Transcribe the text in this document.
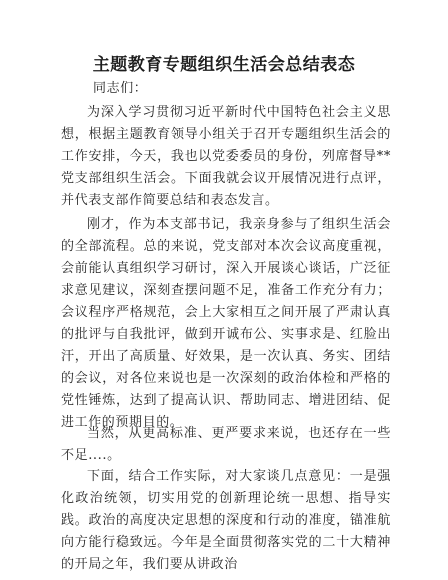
主题教育专题组织生活会总结表态

同志们：

为深入学习贯彻习近平新时代中国特色社会主义思想，根据主题教育领导小组关于召开专题组织生活会的工作安排，今天，我也以党委委员的身份，列席督导**党支部组织生活会。下面我就会议开展情况进行点评，并代表支部作简要总结和表态发言。

刚才，作为本支部书记，我亲身参与了组织生活会的全部流程。总的来说，党支部对本次会议高度重视，会前能认真组织学习研讨，深入开展谈心谈话，广泛征求意见建议，深刻查摆问题不足，准备工作充分有力；会议程序严格规范，会上大家相互之间开展了严肃认真的批评与自我批评，做到开诚布公、实事求是、红脸出汗，开出了高质量、好效果，是一次认真、务实、团结的会议，对各位来说也是一次深刻的政治体检和严格的党性锤炼，达到了提高认识、帮助同志、增进团结、促进工作的预期目的。

当然，从更高标准、更严要求来说，也还存在一些不足....。

下面，结合工作实际，对大家谈几点意见：一是强化政治统领，切实用党的创新理论统一思想、指导实践。政治的高度决定思想的深度和行动的准度，锚准航向方能行稳致远。今年是全面贯彻落实党的二十大精神的开局之年，我们要从讲政治
